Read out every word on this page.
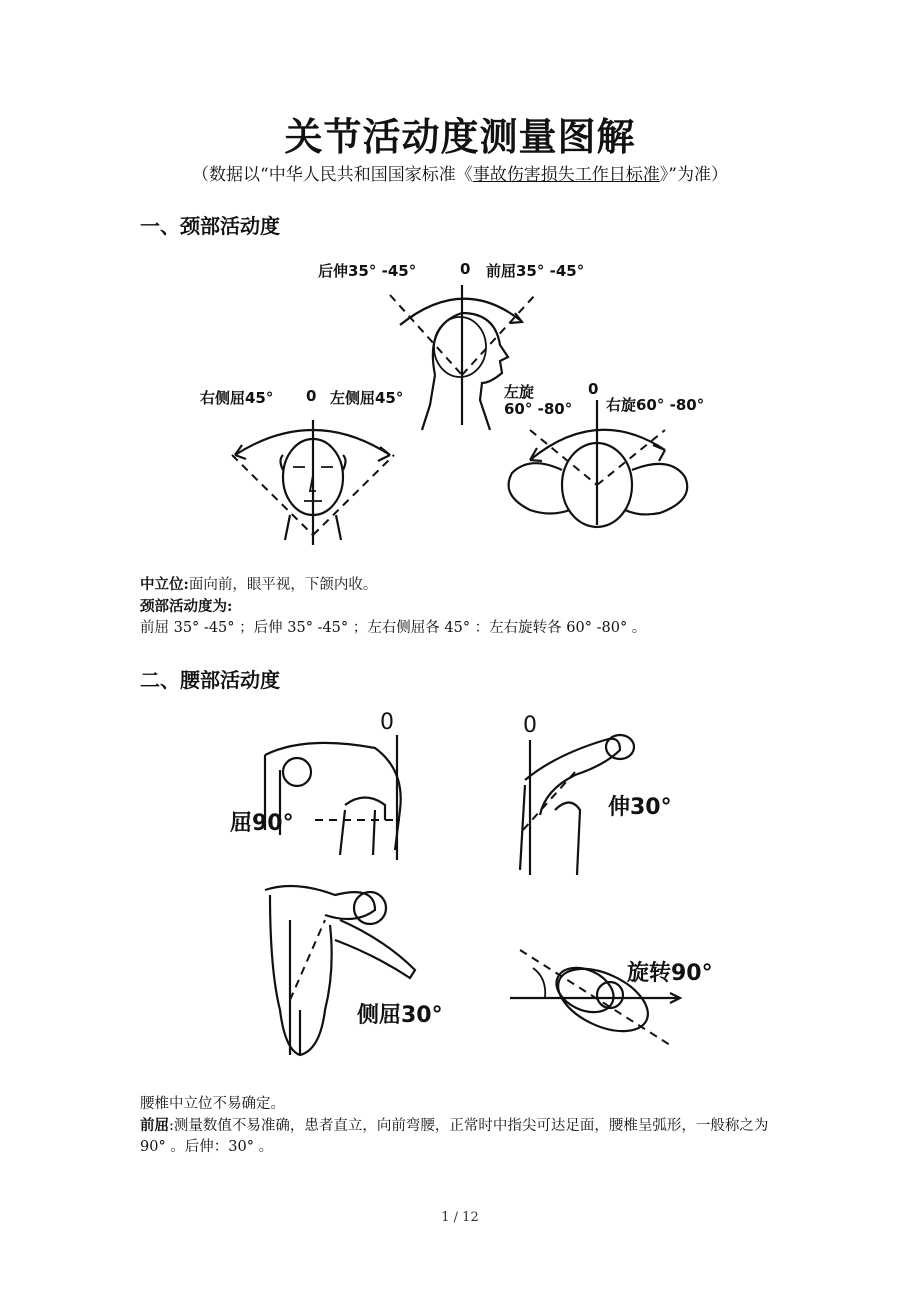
关节活动度测量图解
（数据以“中华人民共和国国家标准《事故伤害损失工作日标准》”为准）
一、颈部活动度
后伸35° -45°	0 前屈35° -45°
右侧屈45° 0 左侧屈45°	左旋
60° -80°
0
右旋60° -80°
中立位:面向前，眼平视，下颌内收。
颈部活动度为:
前屈 35° -45° ；后伸 35° -45° ；左右侧屈各 45° ：左右旋转各 60° -80° 。
二、腰部活动度
0
屈90°
0
伸30°
侧屈30°
旋转90°
腰椎中立位不易确定。
前屈:测量数值不易准确，患者直立，向前弯腰，正常时中指尖可达足面，腰椎呈弧形，一般称之为 90° 。后伸：30° 。
1 / 12
